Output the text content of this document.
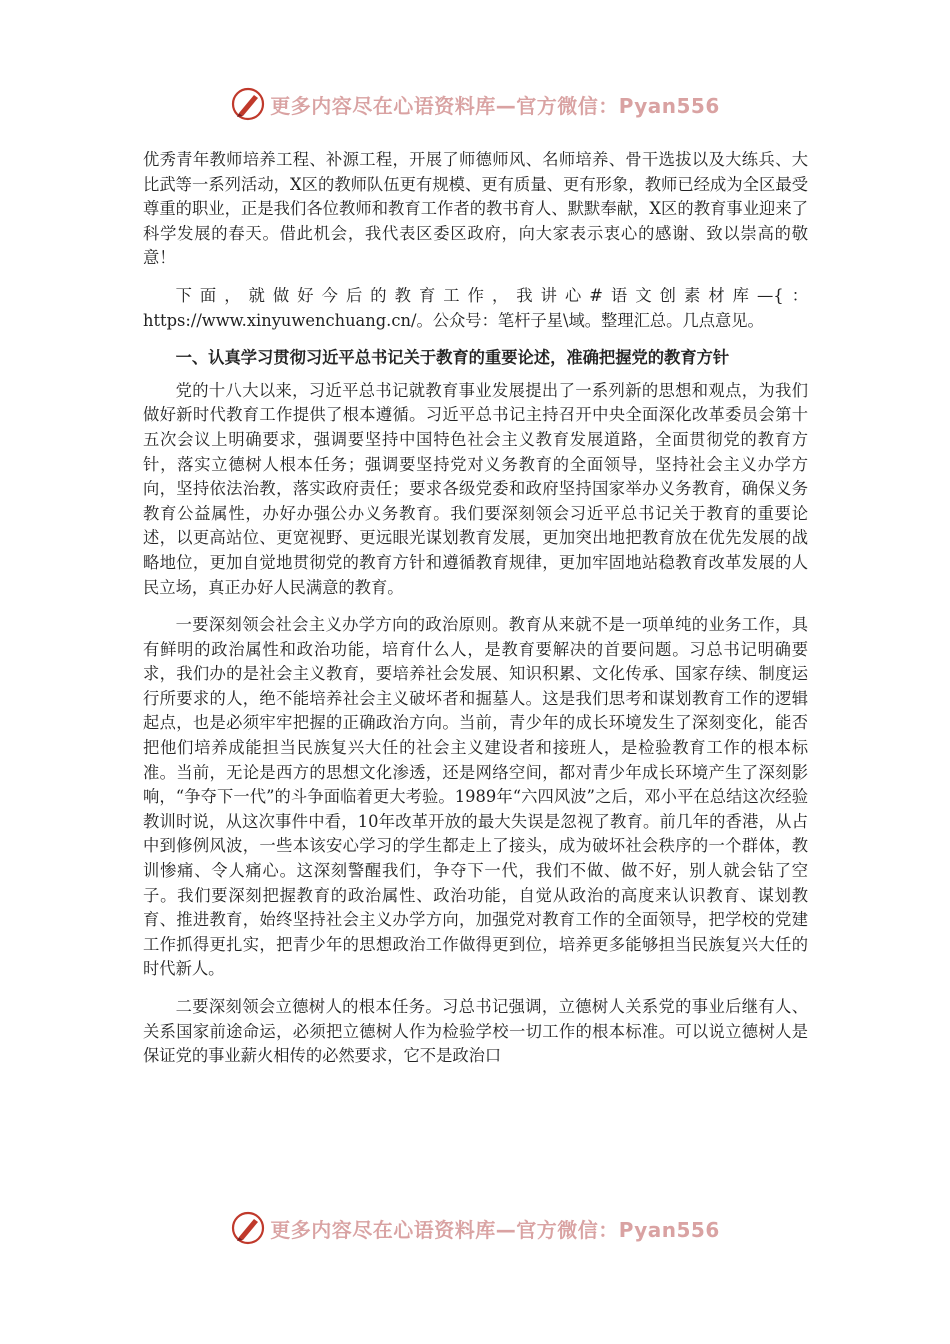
更多内容尽在心语资料库—官方微信：Pyan556

优秀青年教师培养工程、补源工程，开展了师德师风、名师培养、骨干选拔以及大练兵、大比武等一系列活动，X区的教师队伍更有规模、更有质量、更有形象，教师已经成为全区最受尊重的职业，正是我们各位教师和教育工作者的教书育人、默默奉献，X区的教育事业迎来了科学发展的春天。借此机会，我代表区委区政府，向大家表示衷心的感谢、致以崇高的敬意！

下面，就做好今后的教育工作，我讲心#语文创素材库—{：https://www.xinyuwenchuang.cn/。公众号：笔杆子星\域。整理汇总。几点意见。

一、认真学习贯彻习近平总书记关于教育的重要论述，准确把握党的教育方针

党的十八大以来，习近平总书记就教育事业发展提出了一系列新的思想和观点，为我们做好新时代教育工作提供了根本遵循。习近平总书记主持召开中央全面深化改革委员会第十五次会议上明确要求，强调要坚持中国特色社会主义教育发展道路，全面贯彻党的教育方针，落实立德树人根本任务；强调要坚持党对义务教育的全面领导，坚持社会主义办学方向，坚持依法治教，落实政府责任；要求各级党委和政府坚持国家举办义务教育，确保义务教育公益属性，办好办强公办义务教育。我们要深刻领会习近平总书记关于教育的重要论述，以更高站位、更宽视野、更远眼光谋划教育发展，更加突出地把教育放在优先发展的战略地位，更加自觉地贯彻党的教育方针和遵循教育规律，更加牢固地站稳教育改革发展的人民立场，真正办好人民满意的教育。

一要深刻领会社会主义办学方向的政治原则。教育从来就不是一项单纯的业务工作，具有鲜明的政治属性和政治功能，培育什么人，是教育要解决的首要问题。习总书记明确要求，我们办的是社会主义教育，要培养社会发展、知识积累、文化传承、国家存续、制度运行所要求的人，绝不能培养社会主义破坏者和掘墓人。这是我们思考和谋划教育工作的逻辑起点，也是必须牢牢把握的正确政治方向。当前，青少年的成长环境发生了深刻变化，能否把他们培养成能担当民族复兴大任的社会主义建设者和接班人，是检验教育工作的根本标准。当前，无论是西方的思想文化渗透，还是网络空间，都对青少年成长环境产生了深刻影响，“争夺下一代”的斗争面临着更大考验。1989年“六四风波”之后，邓小平在总结这次经验教训时说，从这次事件中看，10年改革开放的最大失误是忽视了教育。前几年的香港，从占中到修例风波，一些本该安心学习的学生都走上了接头，成为破坏社会秩序的一个群体，教训惨痛、令人痛心。这深刻警醒我们，争夺下一代，我们不做、做不好，别人就会钻了空子。我们要深刻把握教育的政治属性、政治功能，自觉从政治的高度来认识教育、谋划教育、推进教育，始终坚持社会主义办学方向，加强党对教育工作的全面领导，把学校的党建工作抓得更扎实，把青少年的思想政治工作做得更到位，培养更多能够担当民族复兴大任的时代新人。

二要深刻领会立德树人的根本任务。习总书记强调，立德树人关系党的事业后继有人、关系国家前途命运，必须把立德树人作为检验学校一切工作的根本标准。可以说立德树人是保证党的事业薪火相传的必然要求，它不是政治口

更多内容尽在心语资料库—官方微信：Pyan556
